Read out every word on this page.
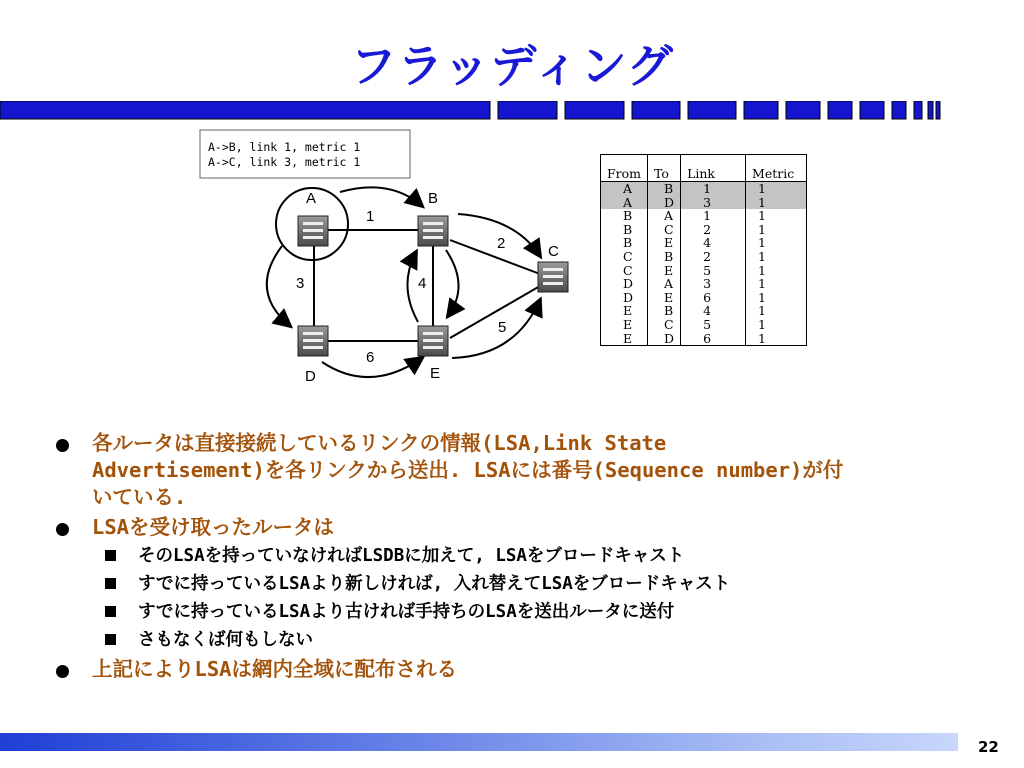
フラッディング
A->B, link 1, metric 1
A->C, link 3, metric 1
A	B
C
D	E
1
2
3	4
5
6
From	To	Link	Metric
A	B	1	1
A	D	3	1
B	A	1	1
B	C	2	1
B	E	4	1
C	B	2	1
C	E	5	1
D	A	3	1
D	E	6	1
E	B	4	1
E	C	5	1
E	D	6	1
各ルータは直接接続しているリンクの情報(LSA,Link State
Advertisement)を各リンクから送出. LSAには番号(Sequence number)が付
いている.
LSAを受け取ったルータは
そのLSAを持っていなければLSDBに加えて, LSAをブロードキャスト
すでに持っているLSAより新しければ, 入れ替えてLSAをブロードキャスト
すでに持っているLSAより古ければ手持ちのLSAを送出ルータに送付
さもなくば何もしない
上記によりLSAは網内全域に配布される
22
